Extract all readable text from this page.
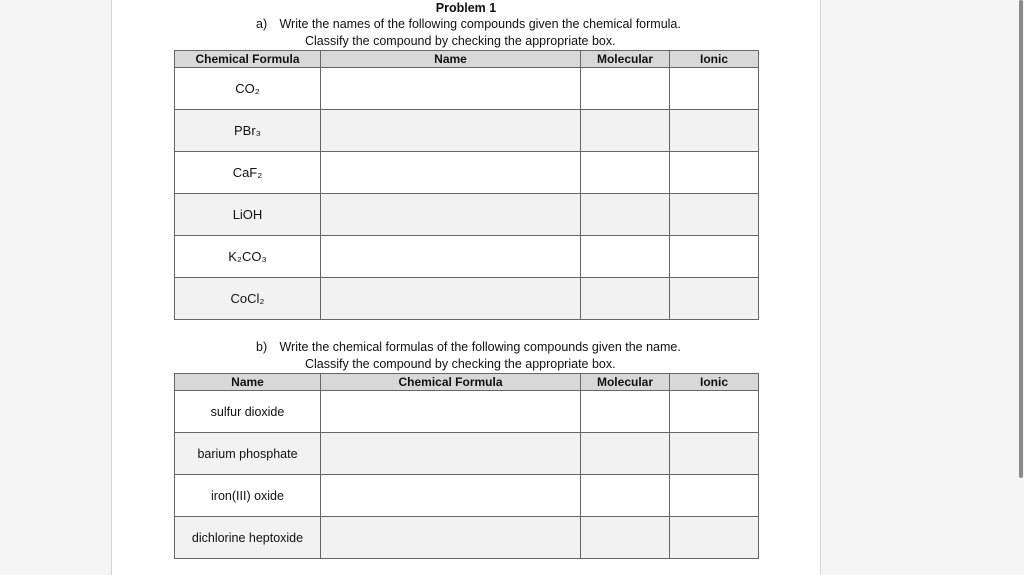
Problem 1
a) Write the names of the following compounds given the chemical formula.
Classify the compound by checking the appropriate box.
Chemical Formula	Name	Molecular	Ionic
CO₂			
PBr₃			
CaF₂			
LiOH			
K₂CO₃			
CoCl₂			
b) Write the chemical formulas of the following compounds given the name.
Classify the compound by checking the appropriate box.
Name	Chemical Formula	Molecular	Ionic
sulfur dioxide			
barium phosphate			
iron(III) oxide			
dichlorine heptoxide			
